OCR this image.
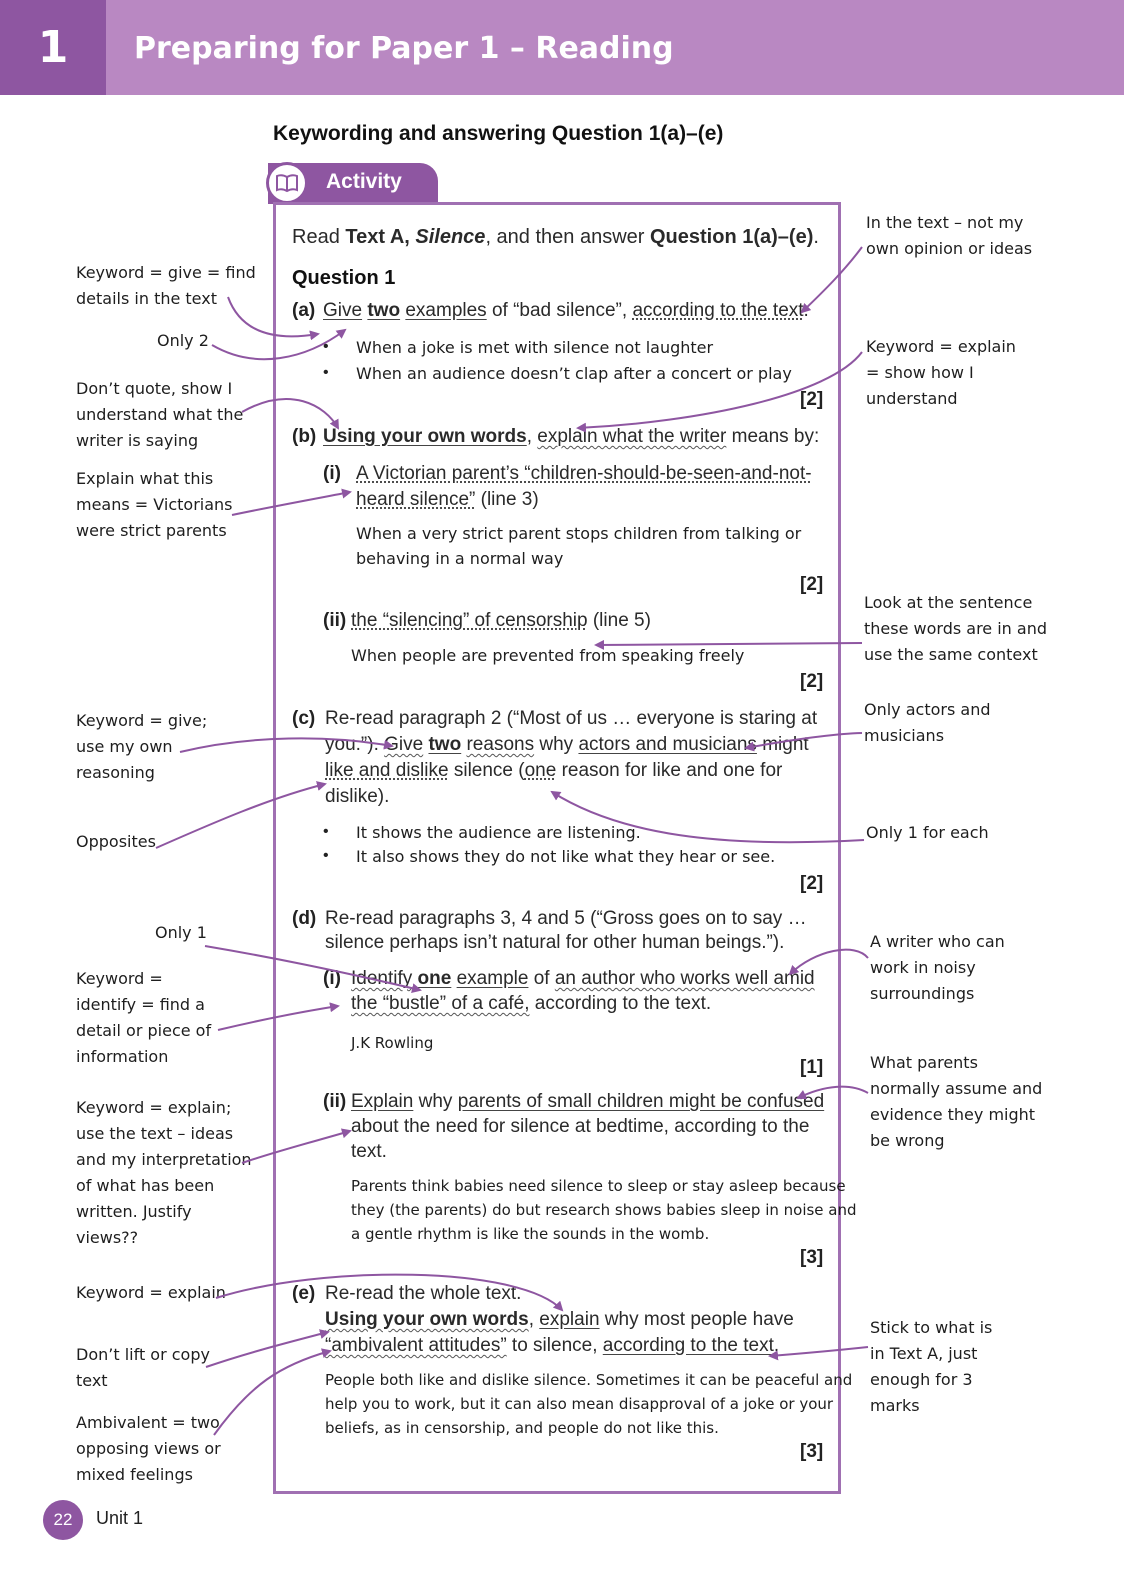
1	Preparing for Paper 1 – Reading
Keywording and answering Question 1(a)–(e)
Activity
Read Text A, Silence, and then answer Question 1(a)–(e).
Question 1
(a) Give two examples of “bad silence”, according to the text.
• When a joke is met with silence not laughter
• When an audience doesn’t clap after a concert or play
[2]
(b) Using your own words, explain what the writer means by:
(i) A Victorian parent’s “children-should-be-seen-and-not-
heard silence” (line 3)
When a very strict parent stops children from talking or
behaving in a normal way
[2]
(ii) the “silencing” of censorship (line 5)
When people are prevented from speaking freely
[2]
(c) Re-read paragraph 2 (“Most of us … everyone is staring at
you.”). Give two reasons why actors and musicians might
like and dislike silence (one reason for like and one for
dislike).
• It shows the audience are listening.
• It also shows they do not like what they hear or see.
[2]
(d) Re-read paragraphs 3, 4 and 5 (“Gross goes on to say …
silence perhaps isn’t natural for other human beings.”).
(i) Identify one example of an author who works well amid
the “bustle” of a café, according to the text.
J.K Rowling
[1]
(ii) Explain why parents of small children might be confused
about the need for silence at bedtime, according to the
text.
Parents think babies need silence to sleep or stay asleep because
they (the parents) do but research shows babies sleep in noise and
a gentle rhythm is like the sounds in the womb.
[3]
(e) Re-read the whole text.
Using your own words, explain why most people have
“ambivalent attitudes” to silence, according to the text.
People both like and dislike silence. Sometimes it can be peaceful and
help you to work, but it can also mean disapproval of a joke or your
beliefs, as in censorship, and people do not like this.
[3]
Keyword = give = find
details in the text
Only 2
Don’t quote, show I
understand what the
writer is saying
Explain what this
means = Victorians
were strict parents
Keyword = give;
use my own
reasoning
Opposites
Only 1
Keyword =
identify = find a
detail or piece of
information
Keyword = explain;
use the text – ideas
and my interpretation
of what has been
written. Justify
views??
Keyword = explain
Don’t lift or copy
text
Ambivalent = two
opposing views or
mixed feelings
In the text – not my
own opinion or ideas
Keyword = explain
= show how I
understand
Look at the sentence
these words are in and
use the same context
Only actors and
musicians
Only 1 for each
A writer who can
work in noisy
surroundings
What parents
normally assume and
evidence they might
be wrong
Stick to what is
in Text A, just
enough for 3
marks
22	Unit 1
